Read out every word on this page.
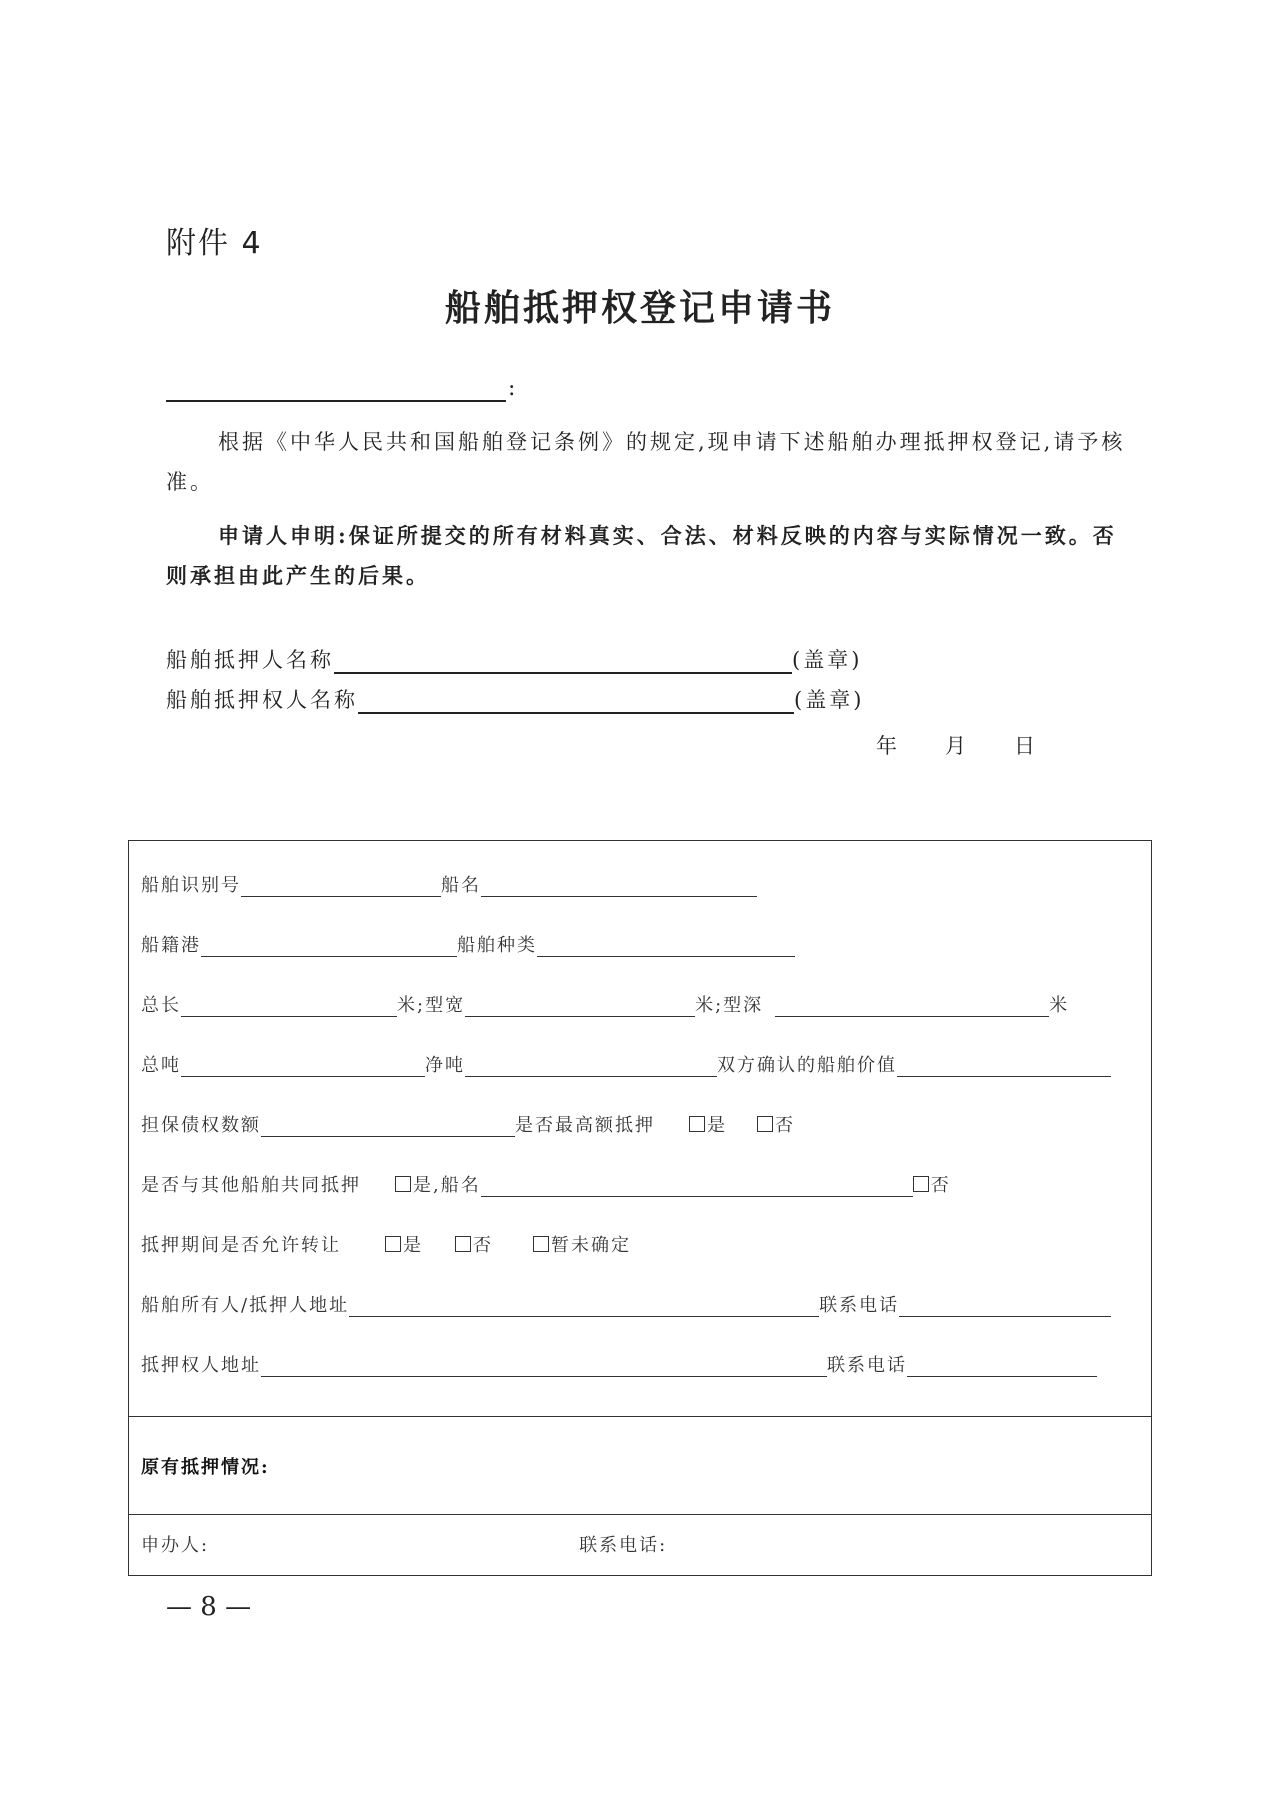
附件 4
船舶抵押权登记申请书
:
根据《中华人民共和国船舶登记条例》的规定,现申请下述船舶办理抵押权登记,请予核准。
申请人申明:保证所提交的所有材料真实、合法、材料反映的内容与实际情况一致。否则承担由此产生的后果。
船舶抵押人名称	(盖章)
船舶抵押权人名称	(盖章)
年 月 日
船舶识别号	船名
船籍港	船舶种类
总长	米;型宽	米;型深	米
总吨	净吨	双方确认的船舶价值
担保债权数额	是否最高额抵押	是	否
是否与其他船舶共同抵押	是,船名	否
抵押期间是否允许转让	是	否	暂未确定
船舶所有人/抵押人地址	联系电话
抵押权人地址	联系电话
原有抵押情况:
申办人:	联系电话:
— 8 —
